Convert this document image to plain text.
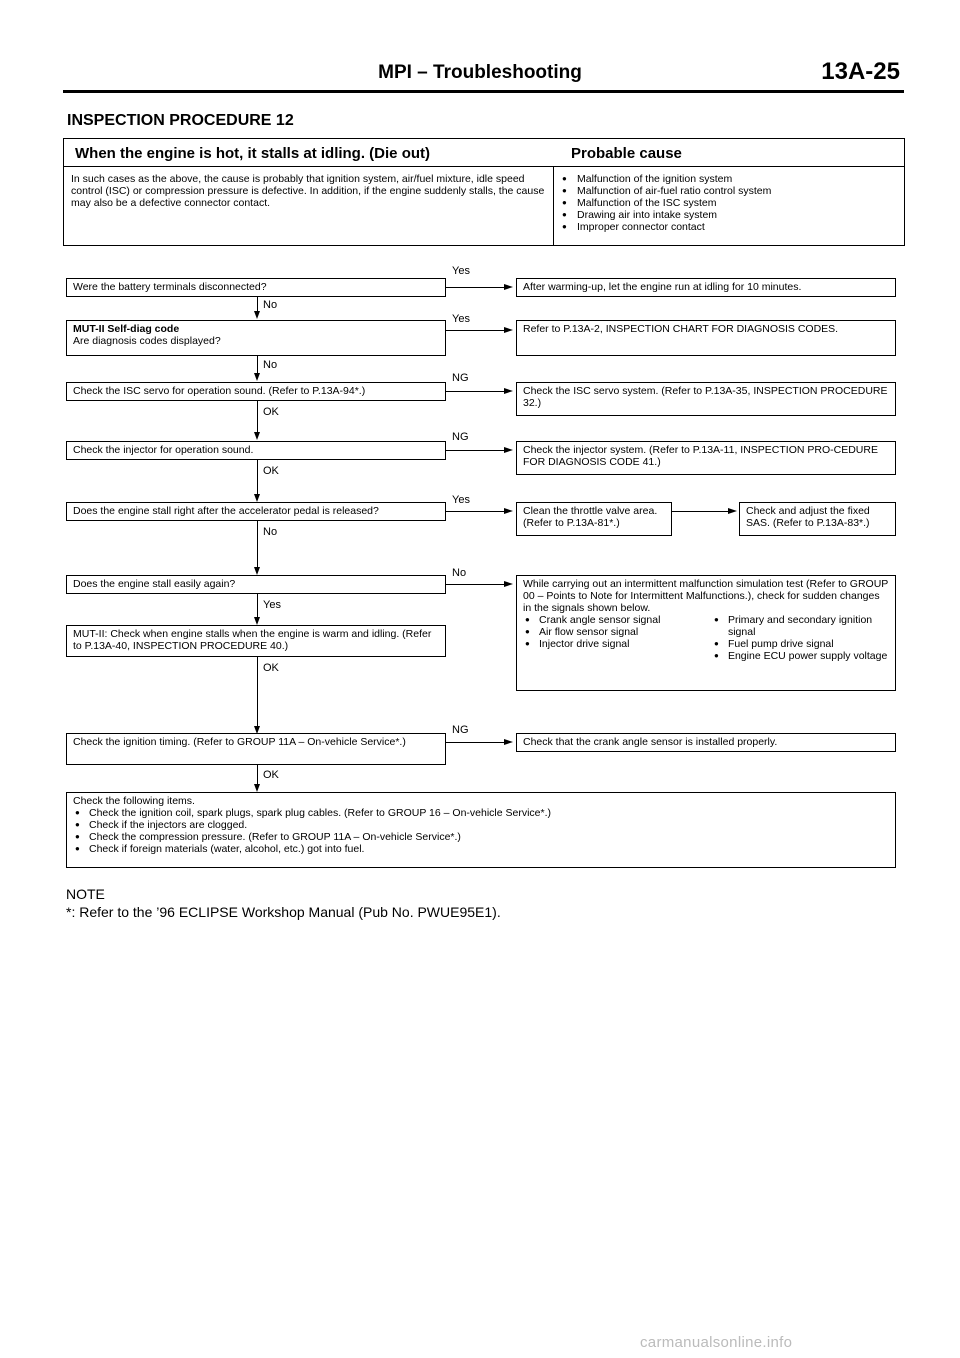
MPI – Troubleshooting	13A-25
INSPECTION PROCEDURE 12
When the engine is hot, it stalls at idling. (Die out)	Probable cause
In such cases as the above, the cause is probably that ignition system, air/fuel mixture, idle speed control (ISC) or compression pressure is defective. In addition, if the engine suddenly stalls, the cause may also be a defective connector contact.
● Malfunction of the ignition system
● Malfunction of air-fuel ratio control system
● Malfunction of the ISC system
● Drawing air into intake system
● Improper connector contact
Were the battery terminals disconnected?
Yes
After warming-up, let the engine run at idling for 10 minutes.
No
MUT-II Self-diag code
Are diagnosis codes displayed?
Yes
Refer to P.13A-2, INSPECTION CHART FOR DIAGNOSIS CODES.
No
Check the ISC servo for operation sound. (Refer to P.13A-94*.)
NG
Check the ISC servo system. (Refer to P.13A-35, INSPECTION PROCEDURE 32.)
OK
Check the injector for operation sound.
NG
Check the injector system. (Refer to P.13A-11, INSPECTION PRO-CEDURE FOR DIAGNOSIS CODE 41.)
OK
Does the engine stall right after the accelerator pedal is released?
Yes
Clean the throttle valve area. (Refer to P.13A-81*.)
Check and adjust the fixed SAS. (Refer to P.13A-83*.)
No
Does the engine stall easily again?
No
While carrying out an intermittent malfunction simulation test (Refer to GROUP 00 – Points to Note for Intermittent Malfunctions.), check for sudden changes in the signals shown below.
● Crank angle sensor signal
● Air flow sensor signal
● Injector drive signal
● Primary and secondary ignition signal
● Fuel pump drive signal
● Engine ECU power supply voltage
Yes
MUT-II: Check when engine stalls when the engine is warm and idling. (Refer to P.13A-40, INSPECTION PROCEDURE 40.)
OK
Check the ignition timing. (Refer to GROUP 11A – On-vehicle Service*.)
NG
Check that the crank angle sensor is installed properly.
OK
Check the following items.
● Check the ignition coil, spark plugs, spark plug cables. (Refer to GROUP 16 – On-vehicle Service*.)
● Check if the injectors are clogged.
● Check the compression pressure. (Refer to GROUP 11A – On-vehicle Service*.)
● Check if foreign materials (water, alcohol, etc.) got into fuel.
NOTE
*: Refer to the ’96 ECLIPSE Workshop Manual (Pub No. PWUE95E1).
carmanualsonline.info
